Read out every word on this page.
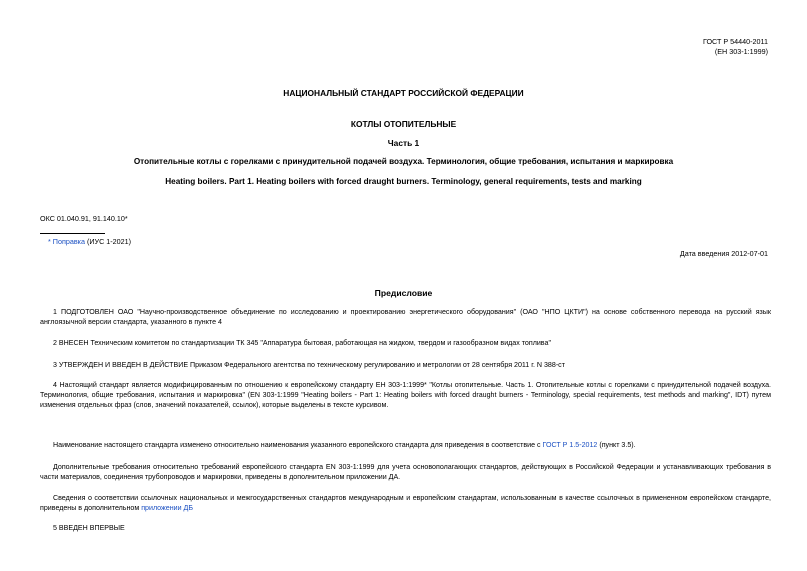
ГОСТ Р 54440-2011
(ЕН 303-1:1999)
НАЦИОНАЛЬНЫЙ СТАНДАРТ РОССИЙСКОЙ ФЕДЕРАЦИИ
КОТЛЫ ОТОПИТЕЛЬНЫЕ
Часть 1
Отопительные котлы с горелками с принудительной подачей воздуха. Терминология, общие требования, испытания и маркировка
Heating boilers. Part 1. Heating boilers with forced draught burners. Terminology, general requirements, tests and marking
ОКС 01.040.91, 91.140.10*
* Поправка (ИУС 1-2021)
Дата введения 2012-07-01
Предисловие
1 ПОДГОТОВЛЕН ОАО "Научно-производственное объединение по исследованию и проектированию энергетического оборудования" (ОАО "НПО ЦКТИ") на основе собственного перевода на русский язык англоязычной версии стандарта, указанного в пункте 4
2 ВНЕСЕН Техническим комитетом по стандартизации ТК 345 "Аппаратура бытовая, работающая на жидком, твердом и газообразном видах топлива"
3 УТВЕРЖДЕН И ВВЕДЕН В ДЕЙСТВИЕ Приказом Федерального агентства по техническому регулированию и метрологии от 28 сентября 2011 г. N 388-ст
4 Настоящий стандарт является модифицированным по отношению к европейскому стандарту ЕН 303-1:1999* "Котлы отопительные. Часть 1. Отопительные котлы с горелками с принудительной подачей воздуха. Терминология, общие требования, испытания и маркировка" (EN 303-1:1999 "Heating boilers - Part 1: Heating boilers with forced draught burners - Terminology, special requirements, test methods and marking", IDT) путем изменения отдельных фраз (слов, значений показателей, ссылок), которые выделены в тексте курсивом.
Наименование настоящего стандарта изменено относительно наименования указанного европейского стандарта для приведения в соответствие с ГОСТ Р 1.5-2012 (пункт 3.5).
Дополнительные требования относительно требований европейского стандарта EN 303-1:1999 для учета основополагающих стандартов, действующих в Российской Федерации и устанавливающих требования в части материалов, соединения трубопроводов и маркировки, приведены в дополнительном приложении ДА.
Сведения о соответствии ссылочных национальных и межгосударственных стандартов международным и европейским стандартам, использованным в качестве ссылочных в примененном европейском стандарте, приведены в дополнительном приложении ДБ
5 ВВЕДЕН ВПЕРВЫЕ
